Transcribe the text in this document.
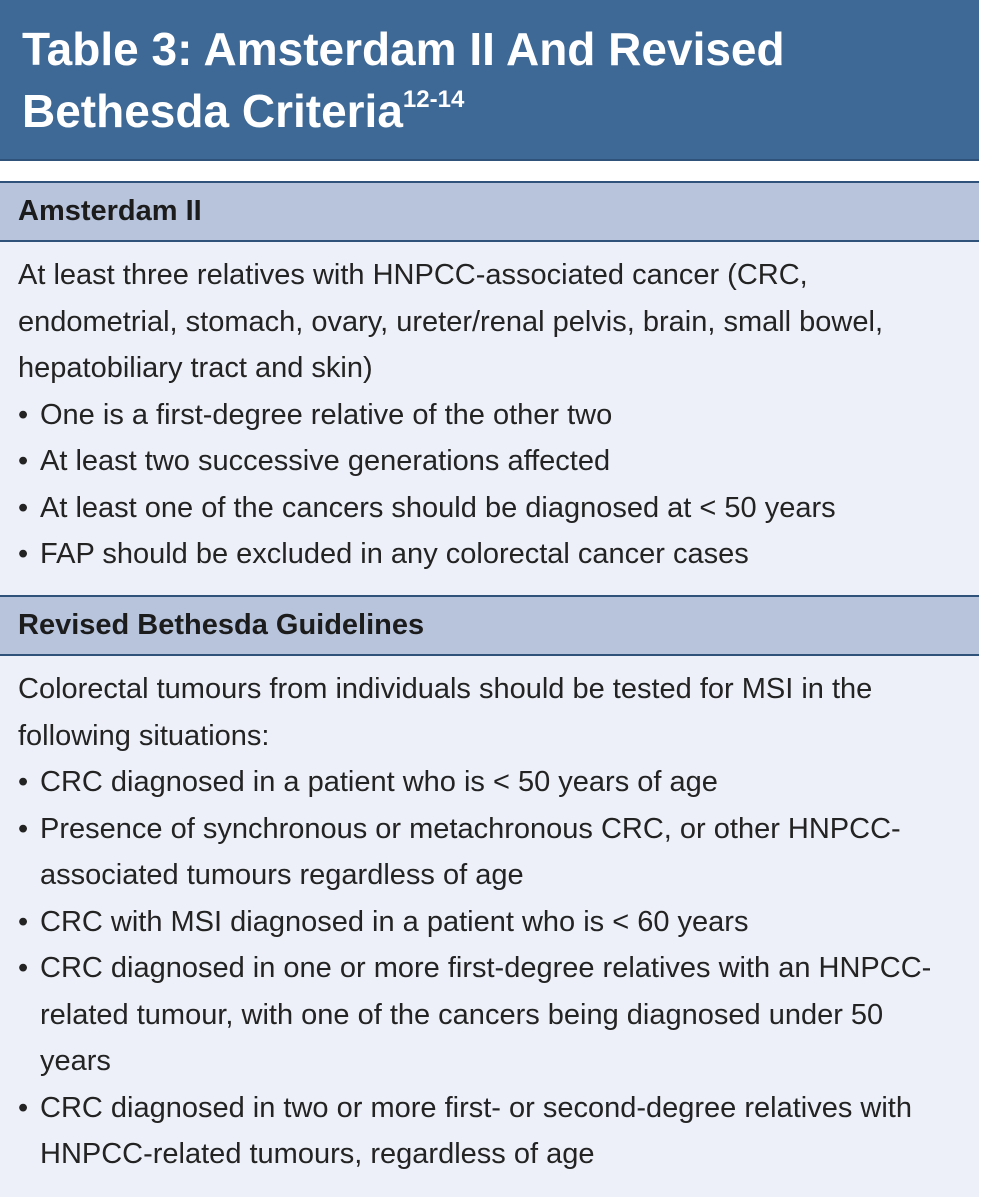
Table 3: Amsterdam II And Revised
Bethesda Criteria$^{12-14}$
Amsterdam II

At least three relatives with HNPCC-associated cancer (CRC, endometrial, stomach, ovary, ureter/renal pelvis, brain, small bowel, hepatobiliary tract and skin)

• One is a first-degree relative of the other two
• At least two successive generations affected
• At least one of the cancers should be diagnosed at < 50 years
• FAP should be excluded in any colorectal cancer cases
Revised Bethesda Guidelines

Colorectal tumours from individuals should be tested for MSI in the following situations:

• CRC diagnosed in a patient who is < 50 years of age
• Presence of synchronous or metachronous CRC, or other HNPCC-associated tumours regardless of age
• CRC with MSI diagnosed in a patient who is < 60 years
• CRC diagnosed in one or more first-degree relatives with an HNPCC-related tumour, with one of the cancers being diagnosed under 50 years
• CRC diagnosed in two or more first- or second-degree relatives with HNPCC-related tumours, regardless of age
